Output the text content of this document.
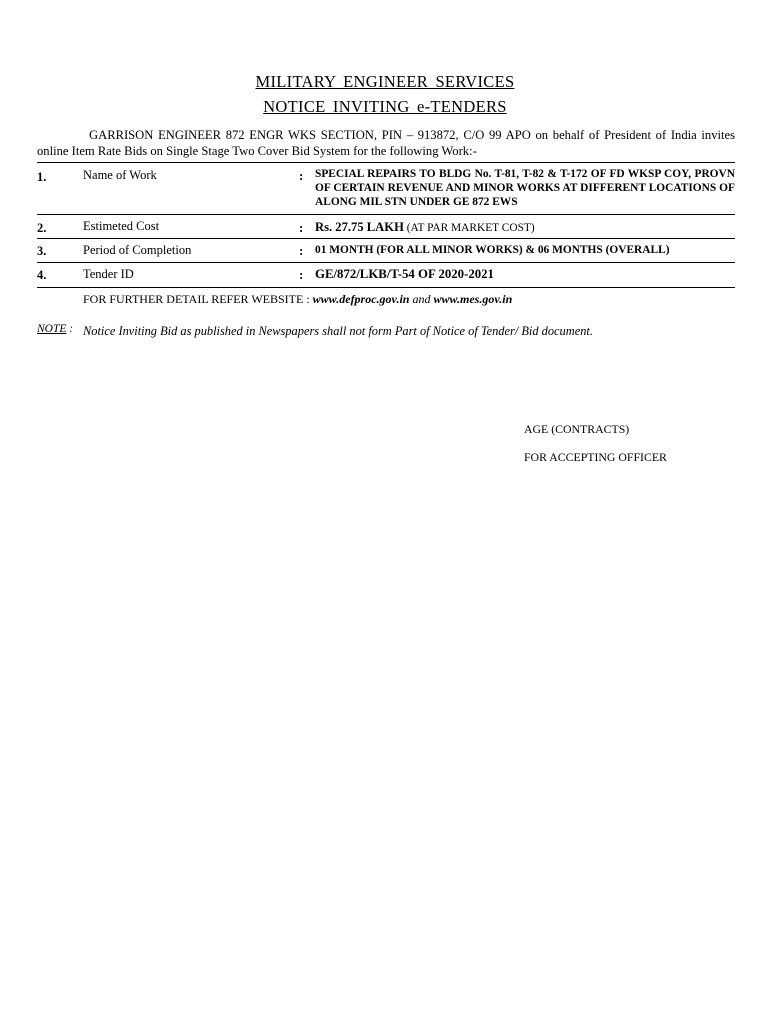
MILITARY ENGINEER SERVICES
NOTICE INVITING e-TENDERS
GARRISON ENGINEER 872 ENGR WKS SECTION, PIN – 913872, C/O 99 APO on behalf of President of India invites online Item Rate Bids on Single Stage Two Cover Bid System for the following Work:-
1.	Name of Work	: SPECIAL REPAIRS TO BLDG No. T-81, T-82 & T-172 OF FD WKSP COY, PROVN OF CERTAIN REVENUE AND MINOR WORKS AT DIFFERENT LOCATIONS OF ALONG MIL STN UNDER GE 872 EWS
2.	Estimeted Cost	: Rs. 27.75 LAKH (AT PAR MARKET COST)
3.	Period of Completion	: 01 MONTH (FOR ALL MINOR WORKS) & 06 MONTHS (OVERALL)
4.	Tender ID	: GE/872/LKB/T-54 OF 2020-2021
FOR FURTHER DETAIL REFER WEBSITE : www.defproc.gov.in and www.mes.gov.in
NOTE : Notice Inviting Bid as published in Newspapers shall not form Part of Notice of Tender/ Bid document.
AGE (CONTRACTS)
FOR ACCEPTING OFFICER
